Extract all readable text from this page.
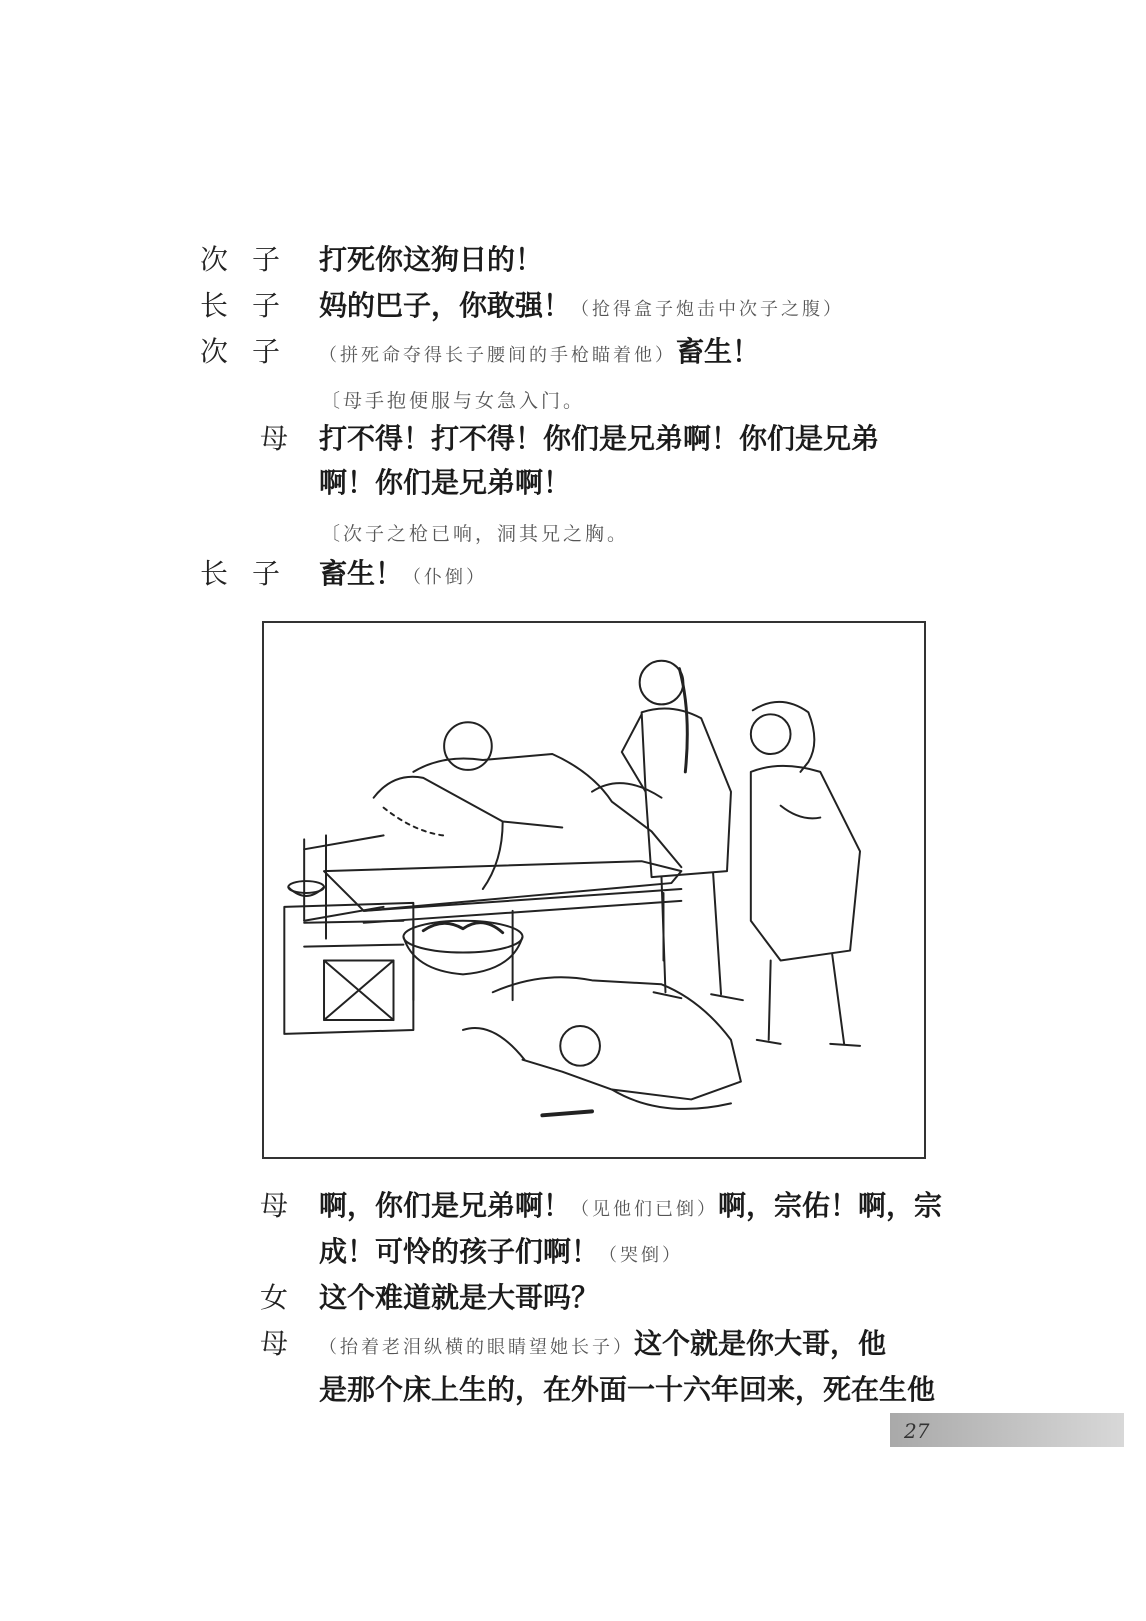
次子 打死你这狗日的！
长子 妈的巴子，你敢强！（抢得盒子炮击中次子之腹）
次子 （拼死命夺得长子腰间的手枪瞄着他）畜生！
〔母手抱便服与女急入门。
母 打不得！打不得！你们是兄弟啊！你们是兄弟
啊！你们是兄弟啊！
〔次子之枪已响，洞其兄之胸。
长子 畜生！（仆倒）
母 啊，你们是兄弟啊！（见他们已倒）啊，宗佑！啊，宗
成！可怜的孩子们啊！（哭倒）
女 这个难道就是大哥吗？
母 （抬着老泪纵横的眼睛望她长子）这个就是你大哥，他
是那个床上生的，在外面一十六年回来，死在生他
27
